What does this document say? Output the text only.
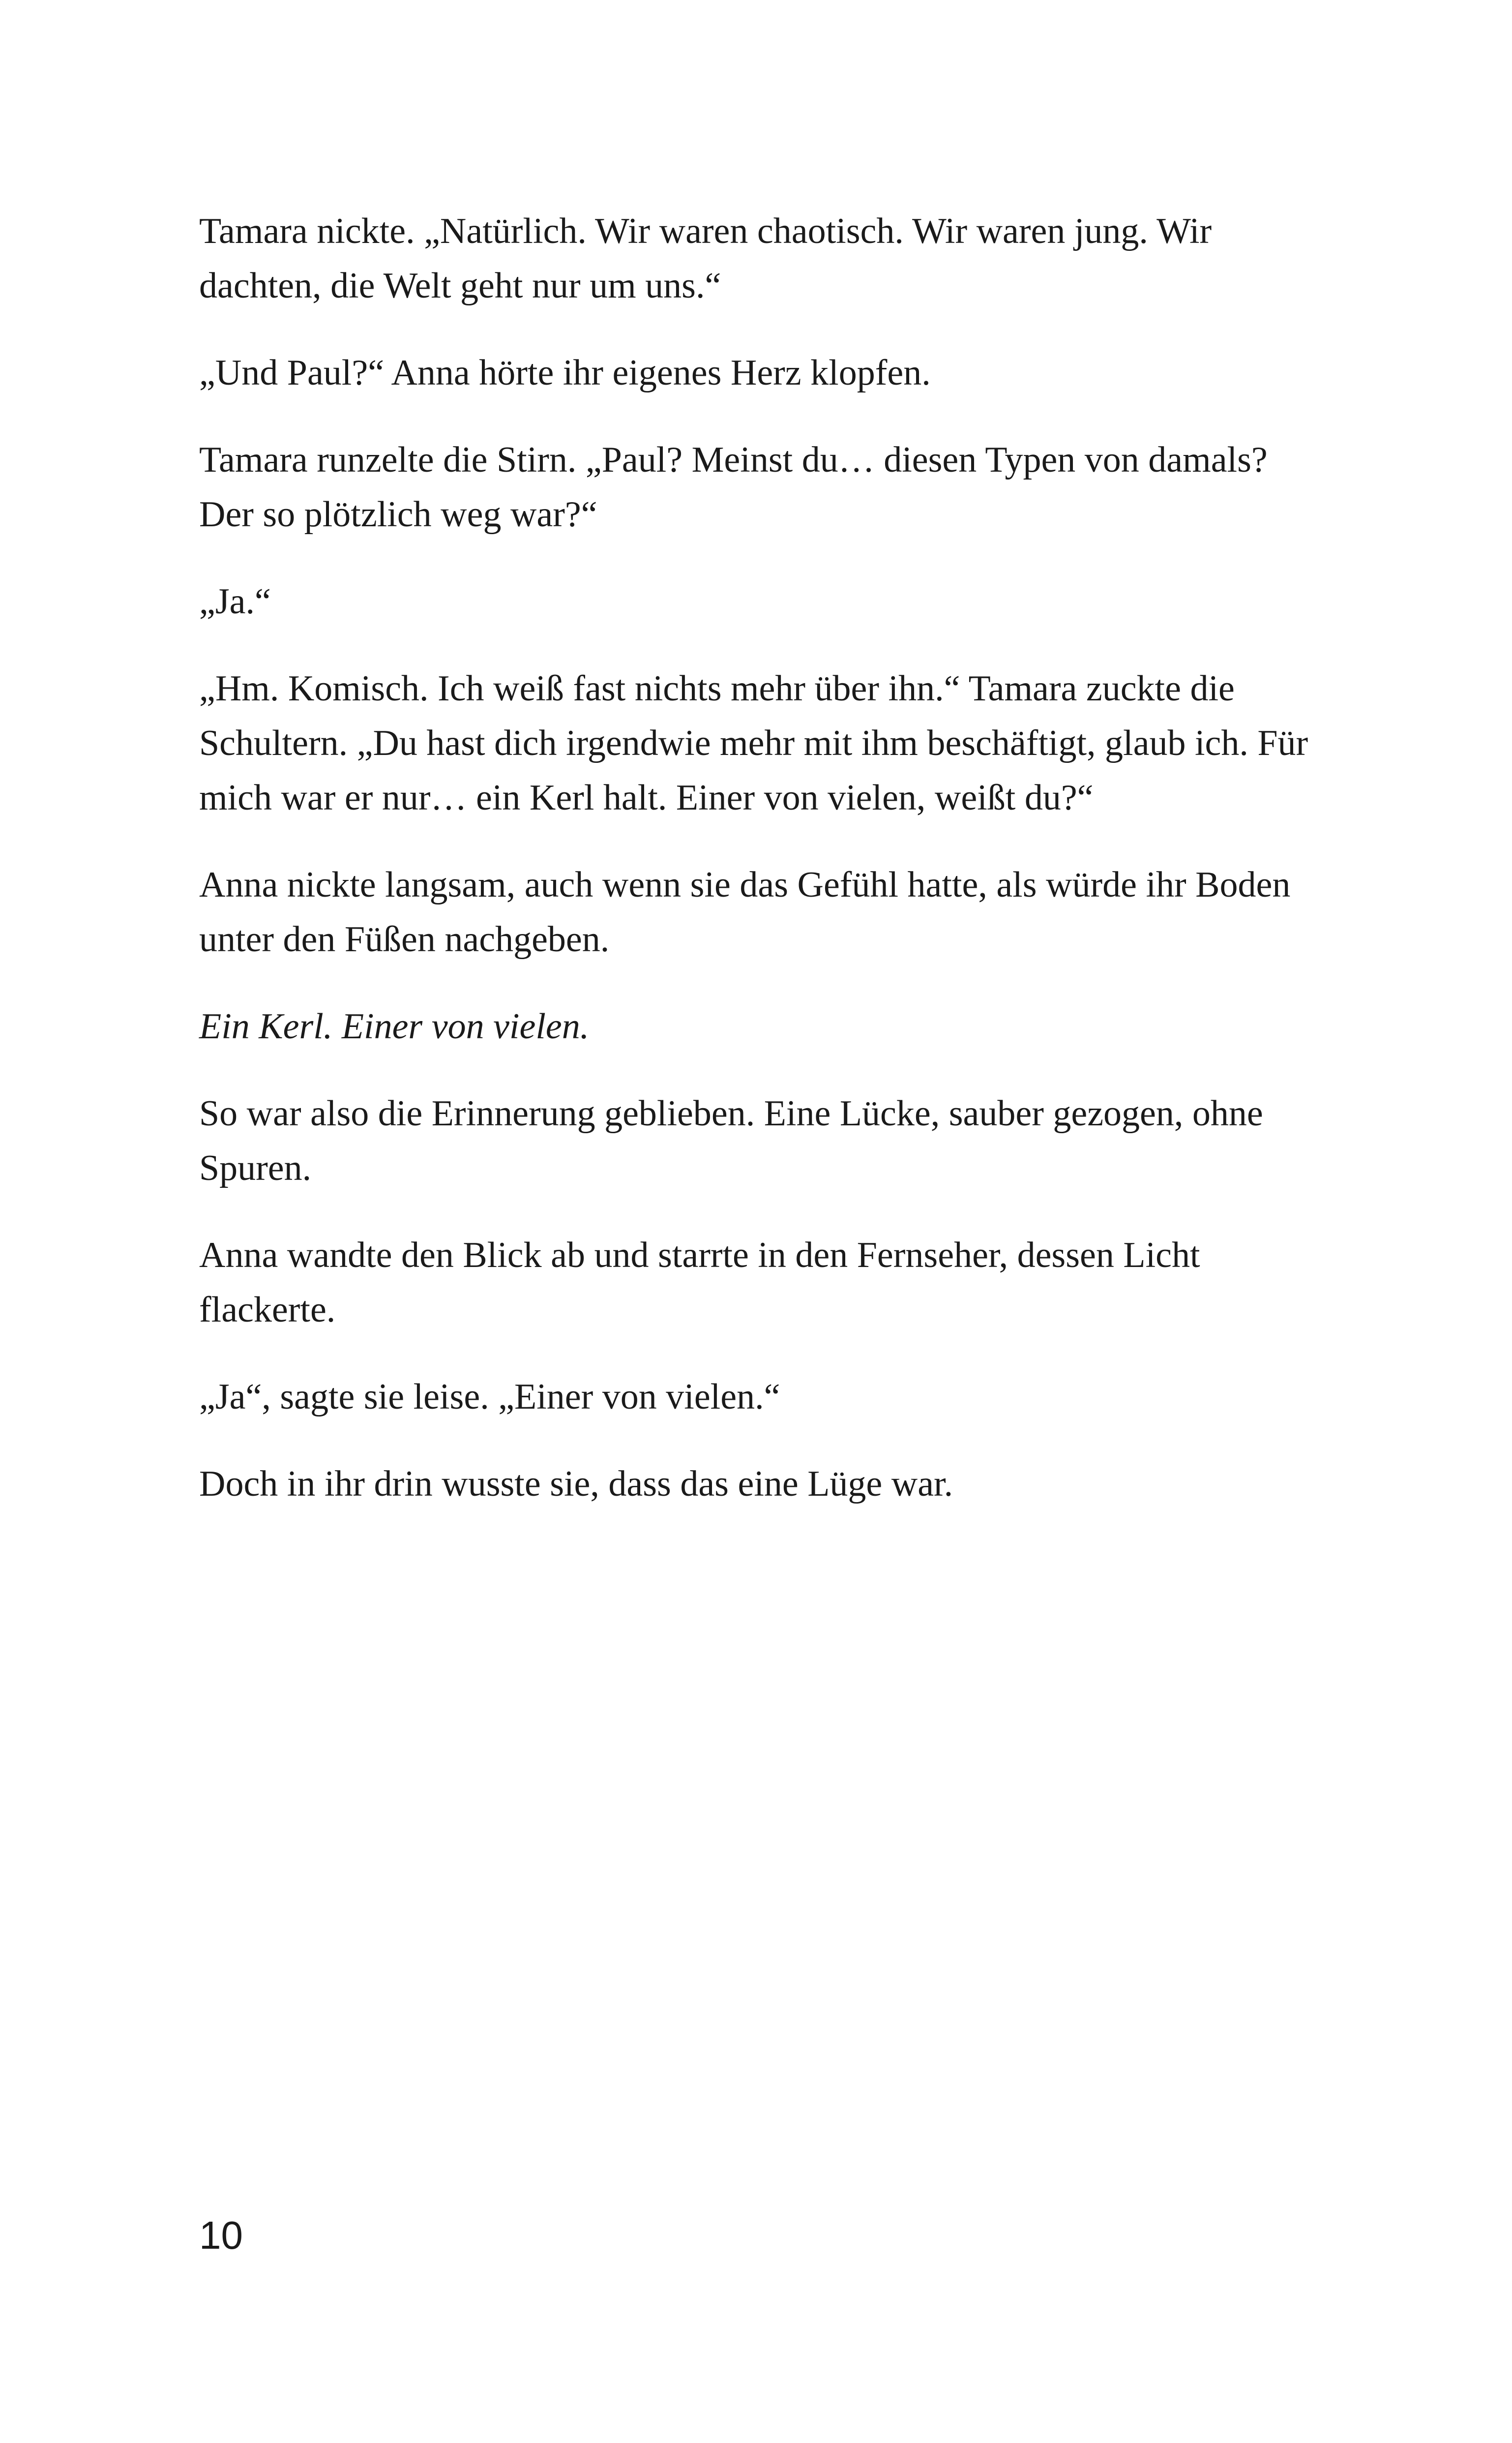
Tamara nickte. „Natürlich. Wir waren chaotisch. Wir waren jung. Wir dachten, die Welt geht nur um uns.“

„Und Paul?“ Anna hörte ihr eigenes Herz klopfen.

Tamara runzelte die Stirn. „Paul? Meinst du… diesen Typen von damals? Der so plötzlich weg war?“

„Ja.“

„Hm. Komisch. Ich weiß fast nichts mehr über ihn.“ Tamara zuckte die Schultern. „Du hast dich irgendwie mehr mit ihm beschäftigt, glaub ich. Für mich war er nur… ein Kerl halt. Einer von vielen, weißt du?“

Anna nickte langsam, auch wenn sie das Gefühl hatte, als würde ihr Boden unter den Füßen nachgeben.

Ein Kerl. Einer von vielen.

So war also die Erinnerung geblieben. Eine Lücke, sauber gezogen, ohne Spuren.

Anna wandte den Blick ab und starrte in den Fernseher, dessen Licht flackerte.

„Ja“, sagte sie leise. „Einer von vielen.“

Doch in ihr drin wusste sie, dass das eine Lüge war.

10
